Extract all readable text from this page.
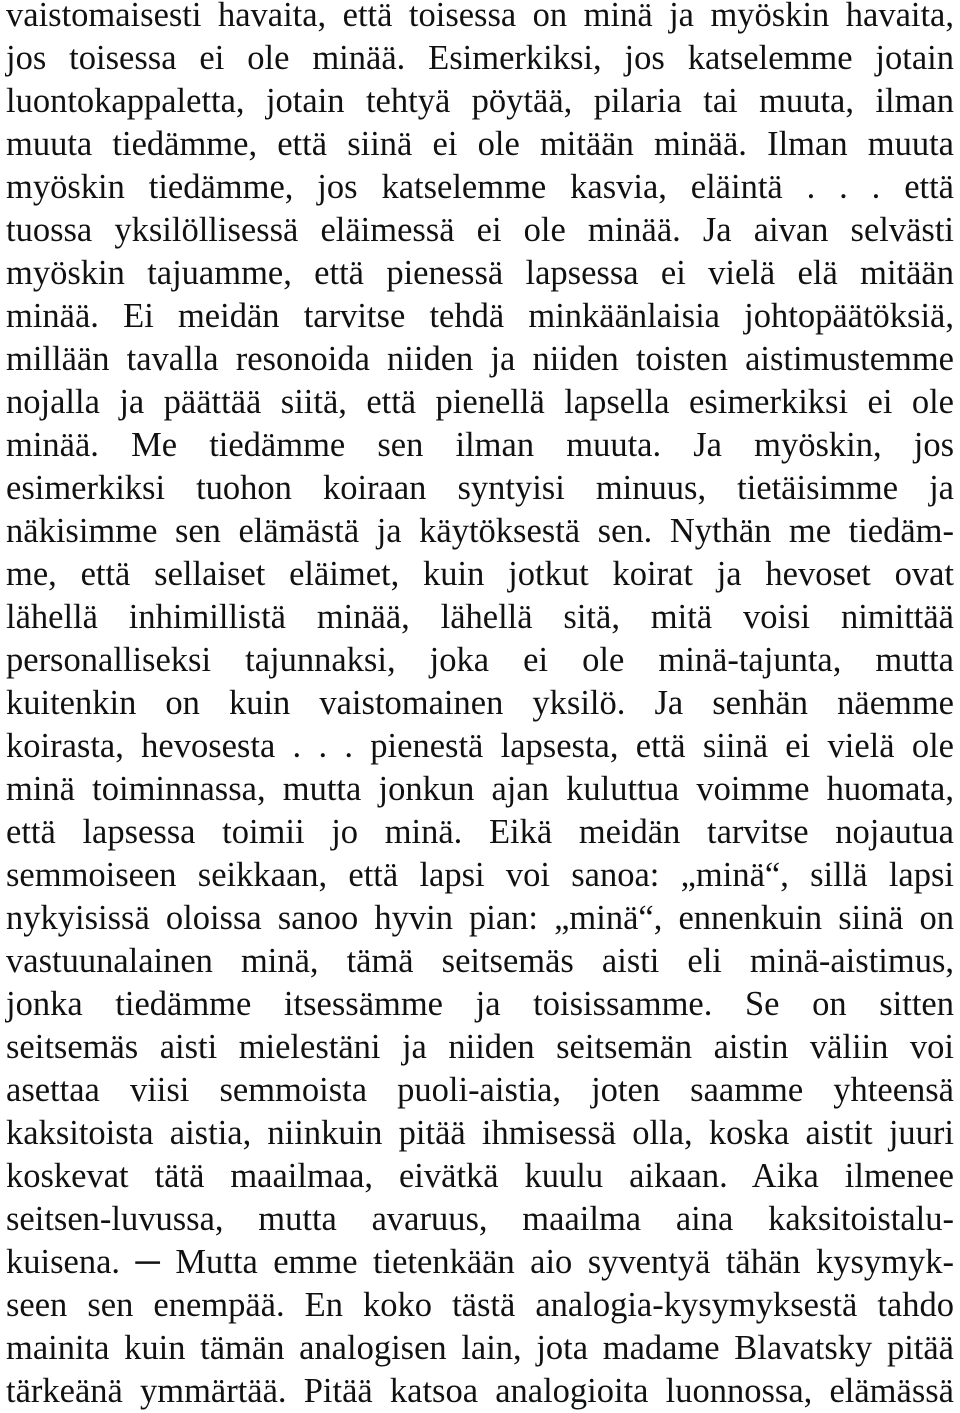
vaistomaisesti havaita, että toisessa on minä ja myöskin havaita,
jos toisessa ei ole minää. Esimerkiksi, jos katselemme jotain
luontokappaletta, jotain tehtyä pöytää, pilaria tai muuta, ilman
muuta tiedämme, että siinä ei ole mitään minää. Ilman muuta
myöskin tiedämme, jos katselemme kasvia, eläintä . . . että
tuossa yksilöllisessä eläimessä ei ole minää. Ja aivan selvästi
myöskin tajuamme, että pienessä lapsessa ei vielä elä mitään
minää. Ei meidän tarvitse tehdä minkäänlaisia johtopäätöksiä,
millään tavalla resonoida niiden ja niiden toisten aistimustemme
nojalla ja päättää siitä, että pienellä lapsella esimerkiksi ei ole
minää. Me tiedämme sen ilman muuta. Ja myöskin, jos
esimerkiksi tuohon koiraan syntyisi minuus, tietäisimme ja
näkisimme sen elämästä ja käytöksestä sen. Nythän me tiedäm-
me, että sellaiset eläimet, kuin jotkut koirat ja hevoset ovat
lähellä inhimillistä minää, lähellä sitä, mitä voisi nimittää
personalliseksi tajunnaksi, joka ei ole minä-tajunta, mutta
kuitenkin on kuin vaistomainen yksilö. Ja senhän näemme
koirasta, hevosesta . . . pienestä lapsesta, että siinä ei vielä ole
minä toiminnassa, mutta jonkun ajan kuluttua voimme huomata,
että lapsessa toimii jo minä. Eikä meidän tarvitse nojautua
semmoiseen seikkaan, että lapsi voi sanoa: „minä“, sillä lapsi
nykyisissä oloissa sanoo hyvin pian: „minä“, ennenkuin siinä on
vastuunalainen minä, tämä seitsemäs aisti eli minä-aistimus,
jonka tiedämme itsessämme ja toisissamme. Se on sitten
seitsemäs aisti mielestäni ja niiden seitsemän aistin väliin voi
asettaa viisi semmoista puoli-aistia, joten saamme yhteensä
kaksitoista aistia, niinkuin pitää ihmisessä olla, koska aistit juuri
koskevat tätä maailmaa, eivätkä kuulu aikaan. Aika ilmenee
seitsen-luvussa, mutta avaruus, maailma aina kaksitoistalu-
kuisena. ─ Mutta emme tietenkään aio syventyä tähän kysymyk-
seen sen enempää. En koko tästä analogia-kysymyksestä tahdo
mainita kuin tämän analogisen lain, jota madame Blavatsky pitää
tärkeänä ymmärtää. Pitää katsoa analogioita luonnossa, elämässä
